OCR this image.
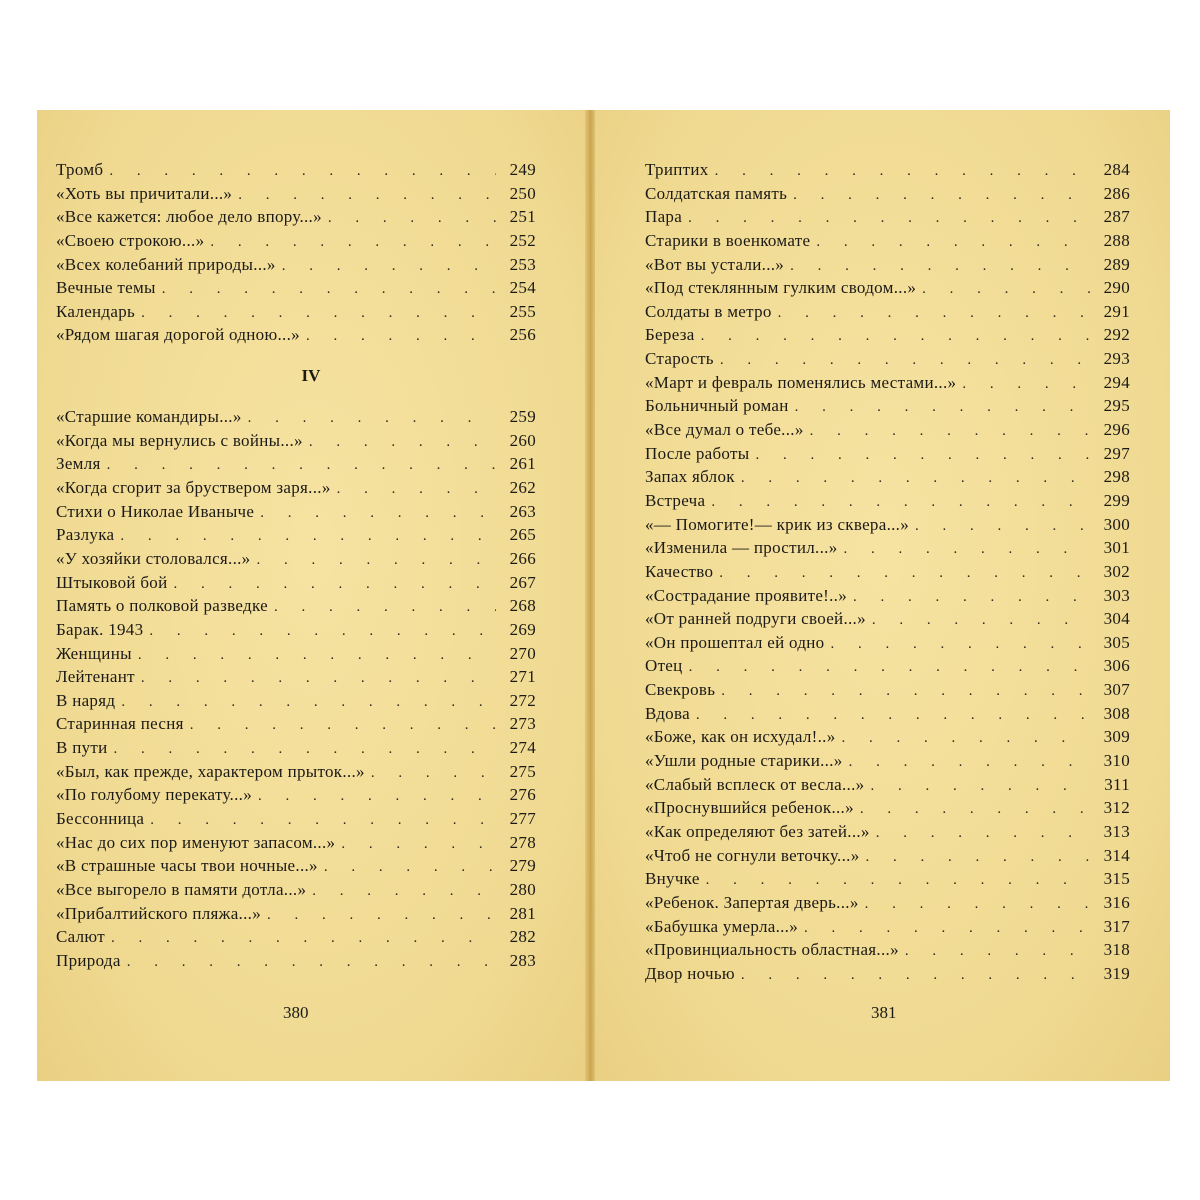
Тромб . . .	249
«Хоть вы причитали...» . . .	250
«Все кажется: любое дело впору...» . . .	251
«Своею строкою...» . . .	252
«Всех колебаний природы...» . . .	253
Вечные темы . . .	254
Календарь . . .	255
«Рядом шагая дорогой одною...» . . .	256
IV
«Старшие командиры...» . . .	259
«Когда мы вернулись с войны...» . . .	260
Земля . . .	261
«Когда сгорит за бруствером заря...» . . .	262
Стихи о Николае Иваныче . . .	263
Разлука . . .	265
«У хозяйки столовался...» . . .	266
Штыковой бой . . .	267
Память о полковой разведке . . .	268
Барак. 1943 . . .	269
Женщины . . .	270
Лейтенант . . .	271
В наряд . . .	272
Старинная песня . . .	273
В пути . . .	274
«Был, как прежде, характером прыток...» . . .	275
«По голубому перекату...» . . .	276
Бессонница . . .	277
«Нас до сих пор именуют запасом...» . . .	278
«В страшные часы твои ночные...» . . .	279
«Все выгорело в памяти дотла...» . . .	280
«Прибалтийского пляжа...» . . .	281
Салют . . .	282
Природа . . .	283
380
Триптих . . .	284
Солдатская память . . .	286
Пара . . .	287
Старики в военкомате . . .	288
«Вот вы устали...» . . .	289
«Под стеклянным гулким сводом...» . . .	290
Солдаты в метро . . .	291
Береза . . .	292
Старость . . .	293
«Март и февраль поменялись местами...» . . .	294
Больничный роман . . .	295
«Все думал о тебе...» . . .	296
После работы . . .	297
Запах яблок . . .	298
Встреча . . .	299
«— Помогите!— крик из сквера...» . . .	300
«Изменила — простил...» . . .	301
Качество . . .	302
«Сострадание проявите!..» . . .	303
«От ранней подруги своей...» . . .	304
«Он прошептал ей одно . . .	305
Отец . . .	306
Свекровь . . .	307
Вдова . . .	308
«Боже, как он исхудал!..» . . .	309
«Ушли родные старики...» . . .	310
«Слабый всплеск от весла...» . . .	311
«Проснувшийся ребенок...» . . .	312
«Как определяют без затей...» . . .	313
«Чтоб не согнули веточку...» . . .	314
Внучке . . .	315
«Ребенок. Запертая дверь...» . . .	316
«Бабушка умерла...» . . .	317
«Провинциальность областная...» . . .	318
Двор ночью . . .	319
381
